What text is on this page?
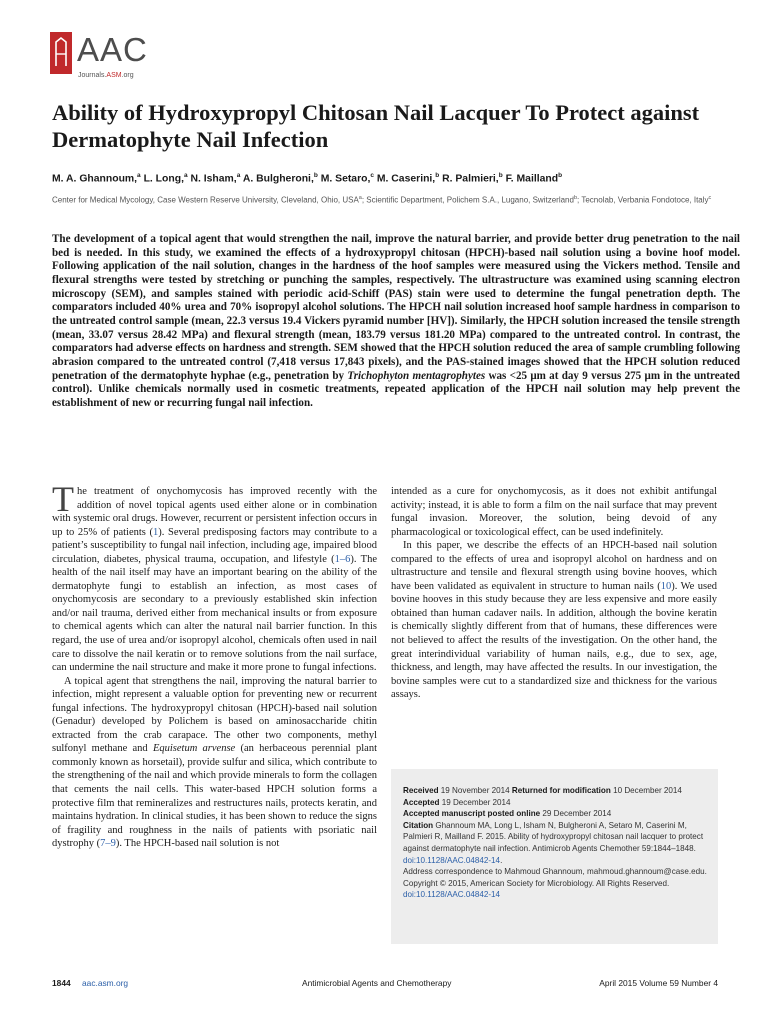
AAC
Journals.ASM.org
Ability of Hydroxypropyl Chitosan Nail Lacquer To Protect against Dermatophyte Nail Infection
M. A. Ghannoum,$^a$ L. Long,$^a$ N. Isham,$^a$ A. Bulgheroni,$^b$ M. Setaro,$^c$ M. Caserini,$^b$ R. Palmieri,$^b$ F. Mailland$^b$
Center for Medical Mycology, Case Western Reserve University, Cleveland, Ohio, USA$^a$; Scientific Department, Polichem S.A., Lugano, Switzerland$^b$; Tecnolab, Verbania Fondotoce, Italy$^c$
The development of a topical agent that would strengthen the nail, improve the natural barrier, and provide better drug penetration to the nail bed is needed. In this study, we examined the effects of a hydroxypropyl chitosan (HPCH)-based nail solution using a bovine hoof model. Following application of the nail solution, changes in the hardness of the hoof samples were measured using the Vickers method. Tensile and flexural strengths were tested by stretching or punching the samples, respectively. The ultrastructure was examined using scanning electron microscopy (SEM), and samples stained with periodic acid-Schiff (PAS) stain were used to determine the fungal penetration depth. The comparators included 40% urea and 70% isopropyl alcohol solutions. The HPCH nail solution increased hoof sample hardness in comparison to the untreated control sample (mean, 22.3 versus 19.4 Vickers pyramid number [HV]). Similarly, the HPCH solution increased the tensile strength (mean, 33.07 versus 28.42 MPa) and flexural strength (mean, 183.79 versus 181.20 MPa) compared to the untreated control. In contrast, the comparators had adverse effects on hardness and strength. SEM showed that the HPCH solution reduced the area of sample crumbling following abrasion compared to the untreated control (7,418 versus 17,843 pixels), and the PAS-stained images showed that the HPCH solution reduced penetration of the dermatophyte hyphae (e.g., penetration by Trichophyton mentagrophytes was <25 μm at day 9 versus 275 μm in the untreated control). Unlike chemicals normally used in cosmetic treatments, repeated application of the HPCH nail solution may help prevent the establishment of new or recurring fungal nail infection.

The treatment of onychomycosis has improved recently with the addition of novel topical agents used either alone or in combination with systemic oral drugs. However, recurrent or persistent infection occurs in up to 25% of patients (1). Several predisposing factors may contribute to a patient’s susceptibility to fungal nail infection, including age, impaired blood circulation, diabetes, physical trauma, occupation, and lifestyle (1–6). The health of the nail itself may have an important bearing on the ability of the dermatophyte fungi to establish an infection, as most cases of onychomycosis are secondary to a previously established skin infection and/or nail trauma, derived either from mechanical insults or from exposure to chemical agents which can alter the natural nail barrier function. In this regard, the use of urea and/or isopropyl alcohol, chemicals often used in nail care to dissolve the nail keratin or to remove solutions from the nail surface, can undermine the nail structure and make it more prone to fungal infections.

A topical agent that strengthens the nail, improving the natural barrier to infection, might represent a valuable option for preventing new or recurrent fungal infections. The hydroxypropyl chitosan (HPCH)-based nail solution (Genadur) developed by Polichem is based on aminosaccharide chitin extracted from the crab carapace. The other two components, methyl sulfonyl methane and Equisetum arvense (an herbaceous perennial plant commonly known as horsetail), provide sulfur and silica, which contribute to the strengthening of the nail and which provide minerals to form the collagen that cements the nail cells. This water-based HPCH solution forms a protective film that remineralizes and restructures nails, protects keratin, and maintains hydration. In clinical studies, it has been shown to reduce the signs of fragility and roughness in the nails of patients with psoriatic nail dystrophy (7–9). The HPCH-based nail solution is not

intended as a cure for onychomycosis, as it does not exhibit antifungal activity; instead, it is able to form a film on the nail surface that may prevent fungal invasion. Moreover, the solution, being devoid of any pharmacological or toxicological effect, can be used indefinitely.

In this paper, we describe the effects of an HPCH-based nail solution compared to the effects of urea and isopropyl alcohol on hardness and on ultrastructure and tensile and flexural strength using bovine hooves, which have been validated as equivalent in structure to human nails (10). We used bovine hooves in this study because they are less expensive and more easily obtained than human cadaver nails. In addition, although the bovine keratin is chemically slightly different from that of humans, these differences were not believed to affect the results of the investigation. On the other hand, the great interindividual variability of human nails, e.g., due to sex, age, thickness, and length, may have affected the results. In our investigation, the bovine samples were cut to a standardized size and thickness for the various assays.

Received 19 November 2014 Returned for modification 10 December 2014
Accepted 19 December 2014
Accepted manuscript posted online 29 December 2014
Citation Ghannoum MA, Long L, Isham N, Bulgheroni A, Setaro M, Caserini M, Palmieri R, Mailland F. 2015. Ability of hydroxypropyl chitosan nail lacquer to protect against dermatophyte nail infection. Antimicrob Agents Chemother 59:1844–1848. doi:10.1128/AAC.04842-14.
Address correspondence to Mahmoud Ghannoum, mahmoud.ghannoum@case.edu.
Copyright © 2015, American Society for Microbiology. All Rights Reserved.
doi:10.1128/AAC.04842-14
1844 aac.asm.org	Antimicrobial Agents and Chemotherapy	April 2015 Volume 59 Number 4
